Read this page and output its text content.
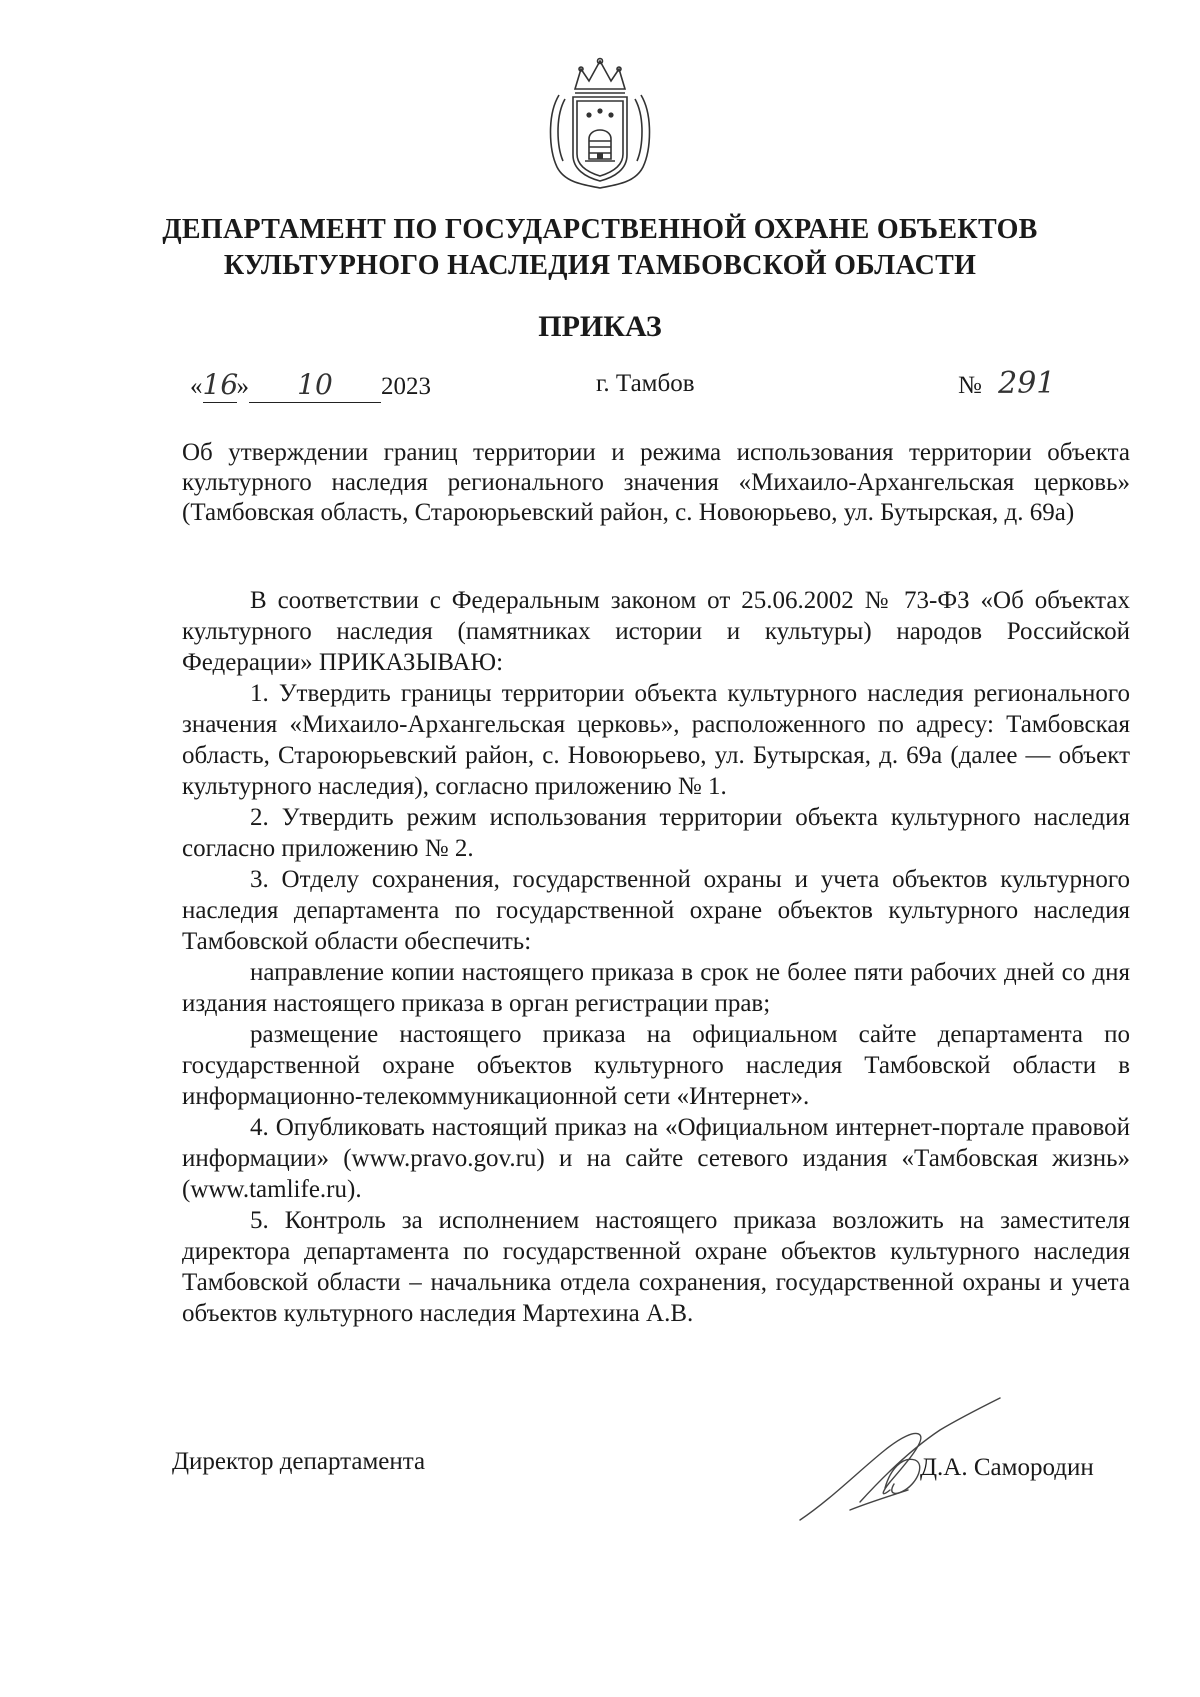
ДЕПАРТАМЕНТ ПО ГОСУДАРСТВЕННОЙ ОХРАНЕ ОБЪЕКТОВ
КУЛЬТУРНОГО НАСЛЕДИЯ ТАМБОВСКОЙ ОБЛАСТИ
ПРИКАЗ
«16» 10 2023	г. Тамбов	№ 291
Об утверждении границ территории и режима использования территории объекта культурного наследия регионального значения «Михаило-Архангельская церковь» (Тамбовская область, Староюрьевский район, с. Новоюрьево, ул. Бутырская, д. 69а)

В соответствии с Федеральным законом от 25.06.2002 № 73-ФЗ «Об объектах культурного наследия (памятниках истории и культуры) народов Российской Федерации» ПРИКАЗЫВАЮ:

1. Утвердить границы территории объекта культурного наследия регионального значения «Михаило-Архангельская церковь», расположенного по адресу: Тамбовская область, Староюрьевский район, с. Новоюрьево, ул. Бутырская, д. 69а (далее — объект культурного наследия), согласно приложению № 1.

2. Утвердить режим использования территории объекта культурного наследия согласно приложению № 2.

3. Отделу сохранения, государственной охраны и учета объектов культурного наследия департамента по государственной охране объектов культурного наследия Тамбовской области обеспечить:

направление копии настоящего приказа в срок не более пяти рабочих дней со дня издания настоящего приказа в орган регистрации прав;

размещение настоящего приказа на официальном сайте департамента по государственной охране объектов культурного наследия Тамбовской области в информационно-телекоммуникационной сети «Интернет».

4. Опубликовать настоящий приказ на «Официальном интернет-портале правовой информации» (www.pravo.gov.ru) и на сайте сетевого издания «Тамбовская жизнь» (www.tamlife.ru).

5. Контроль за исполнением настоящего приказа возложить на заместителя директора департамента по государственной охране объектов культурного наследия Тамбовской области – начальника отдела сохранения, государственной охраны и учета объектов культурного наследия Мартехина А.В.

Директор департамента	Д.А. Самородин
